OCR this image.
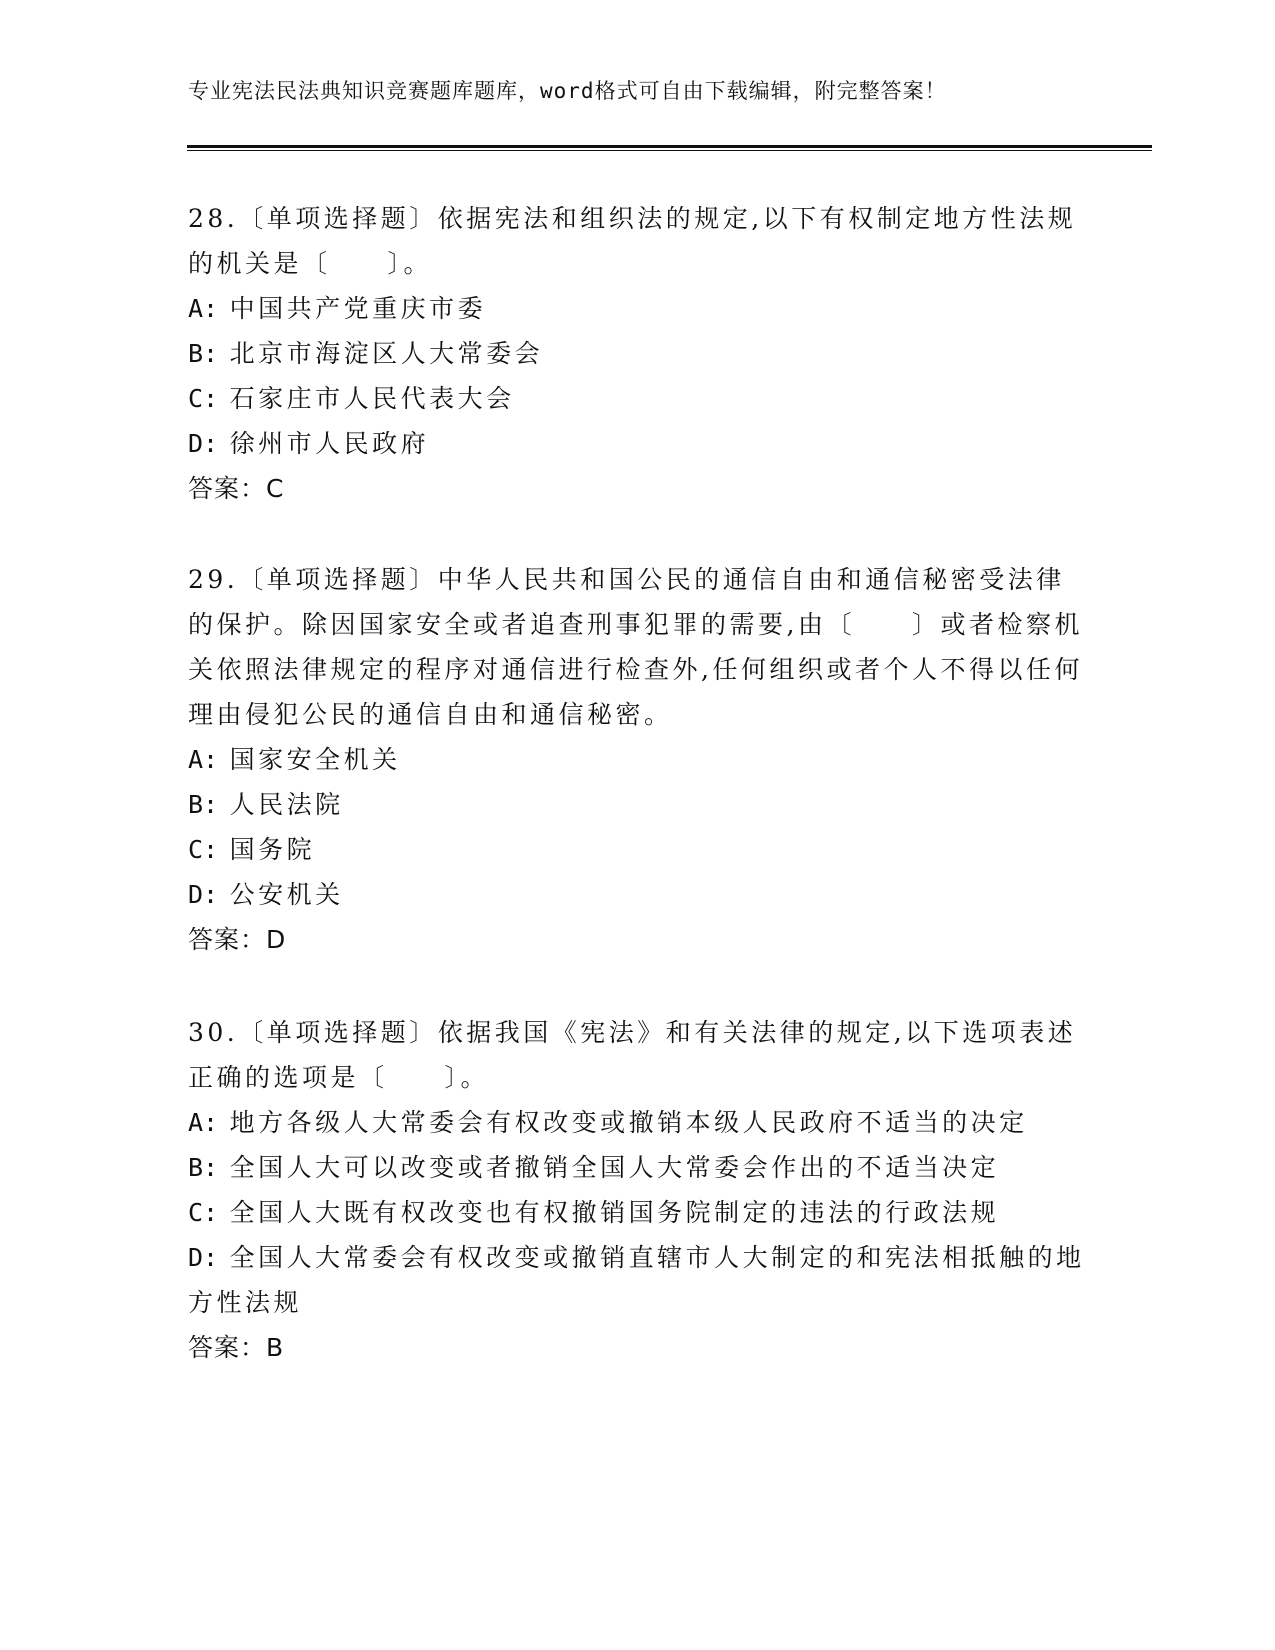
专业宪法民法典知识竞赛题库题库，word格式可自由下载编辑，附完整答案！

28.〔单项选择题〕依据宪法和组织法的规定,以下有权制定地方性法规的机关是〔　　〕。

A: 中国共产党重庆市委

B: 北京市海淀区人大常委会

C: 石家庄市人民代表大会

D: 徐州市人民政府

答案：C

29.〔单项选择题〕中华人民共和国公民的通信自由和通信秘密受法律的保护。除因国家安全或者追查刑事犯罪的需要,由〔　　〕或者检察机关依照法律规定的程序对通信进行检查外,任何组织或者个人不得以任何理由侵犯公民的通信自由和通信秘密。

A: 国家安全机关

B: 人民法院

C: 国务院

D: 公安机关

答案：D

30.〔单项选择题〕依据我国《宪法》和有关法律的规定,以下选项表述正确的选项是〔　　〕。

A: 地方各级人大常委会有权改变或撤销本级人民政府不适当的决定

B: 全国人大可以改变或者撤销全国人大常委会作出的不适当决定

C: 全国人大既有权改变也有权撤销国务院制定的违法的行政法规

D: 全国人大常委会有权改变或撤销直辖市人大制定的和宪法相抵触的地方性法规

答案：B
